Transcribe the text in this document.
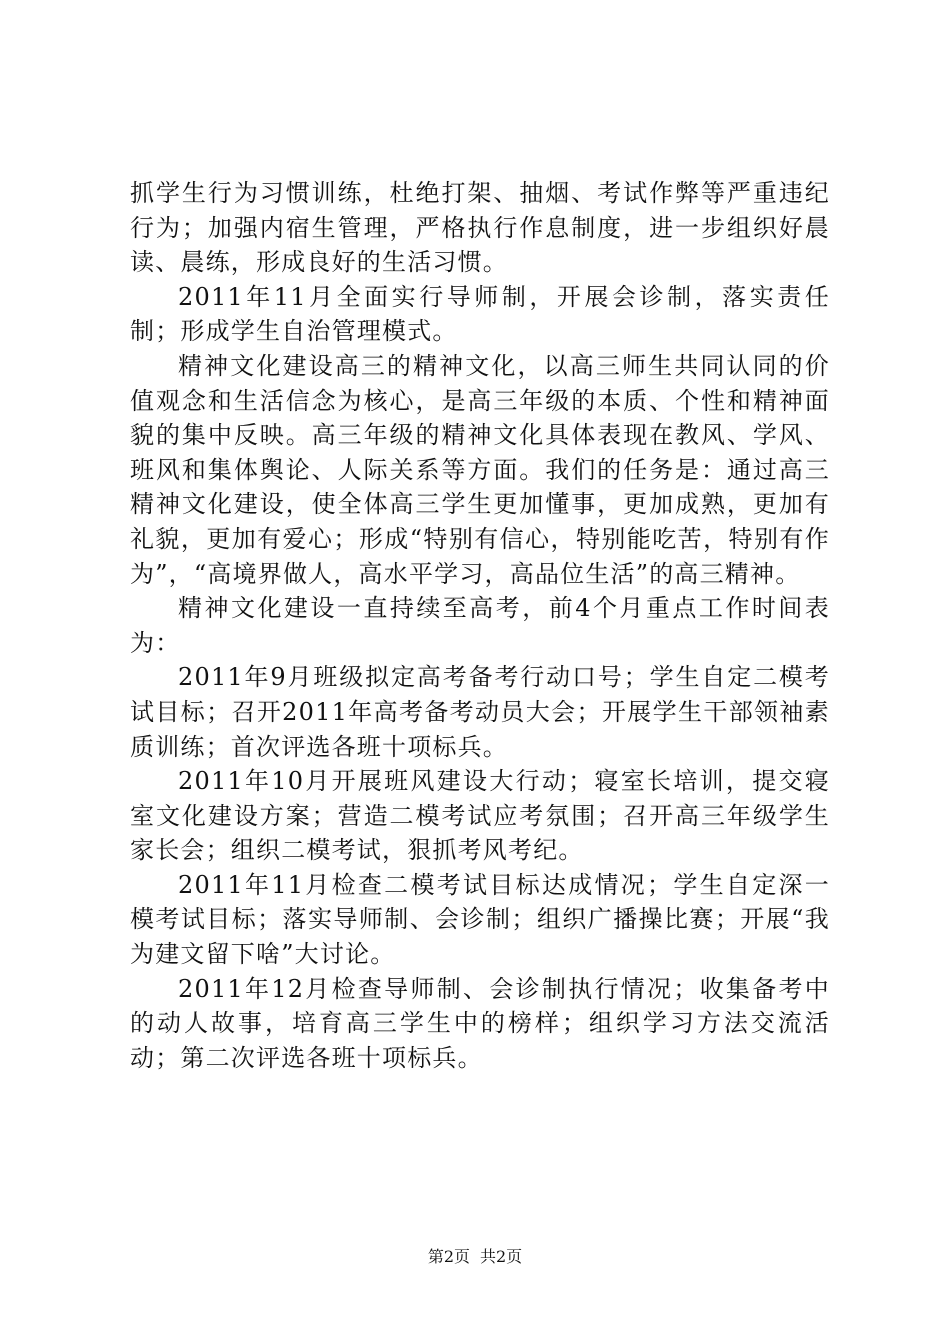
抓学生行为习惯训练，杜绝打架、抽烟、考试作弊等严重违纪行为；加强内宿生管理，严格执行作息制度，进一步组织好晨读、晨练，形成良好的生活习惯。

2011年11月全面实行导师制，开展会诊制，落实责任制；形成学生自治管理模式。

精神文化建设高三的精神文化，以高三师生共同认同的价值观念和生活信念为核心，是高三年级的本质、个性和精神面貌的集中反映。高三年级的精神文化具体表现在教风、学风、班风和集体舆论、人际关系等方面。我们的任务是：通过高三精神文化建设，使全体高三学生更加懂事，更加成熟，更加有礼貌，更加有爱心；形成“特别有信心，特别能吃苦，特别有作为”，“高境界做人，高水平学习，高品位生活”的高三精神。

精神文化建设一直持续至高考，前4个月重点工作时间表为：

2011年9月班级拟定高考备考行动口号；学生自定二模考试目标；召开2011年高考备考动员大会；开展学生干部领袖素质训练；首次评选各班十项标兵。

2011年10月开展班风建设大行动；寝室长培训，提交寝室文化建设方案；营造二模考试应考氛围；召开高三年级学生家长会；组织二模考试，狠抓考风考纪。

2011年11月检查二模考试目标达成情况；学生自定深一模考试目标；落实导师制、会诊制；组织广播操比赛；开展“我为建文留下啥”大讨论。

2011年12月检查导师制、会诊制执行情况；收集备考中的动人故事，培育高三学生中的榜样；组织学习方法交流活动；第二次评选各班十项标兵。

第2页 共2页
